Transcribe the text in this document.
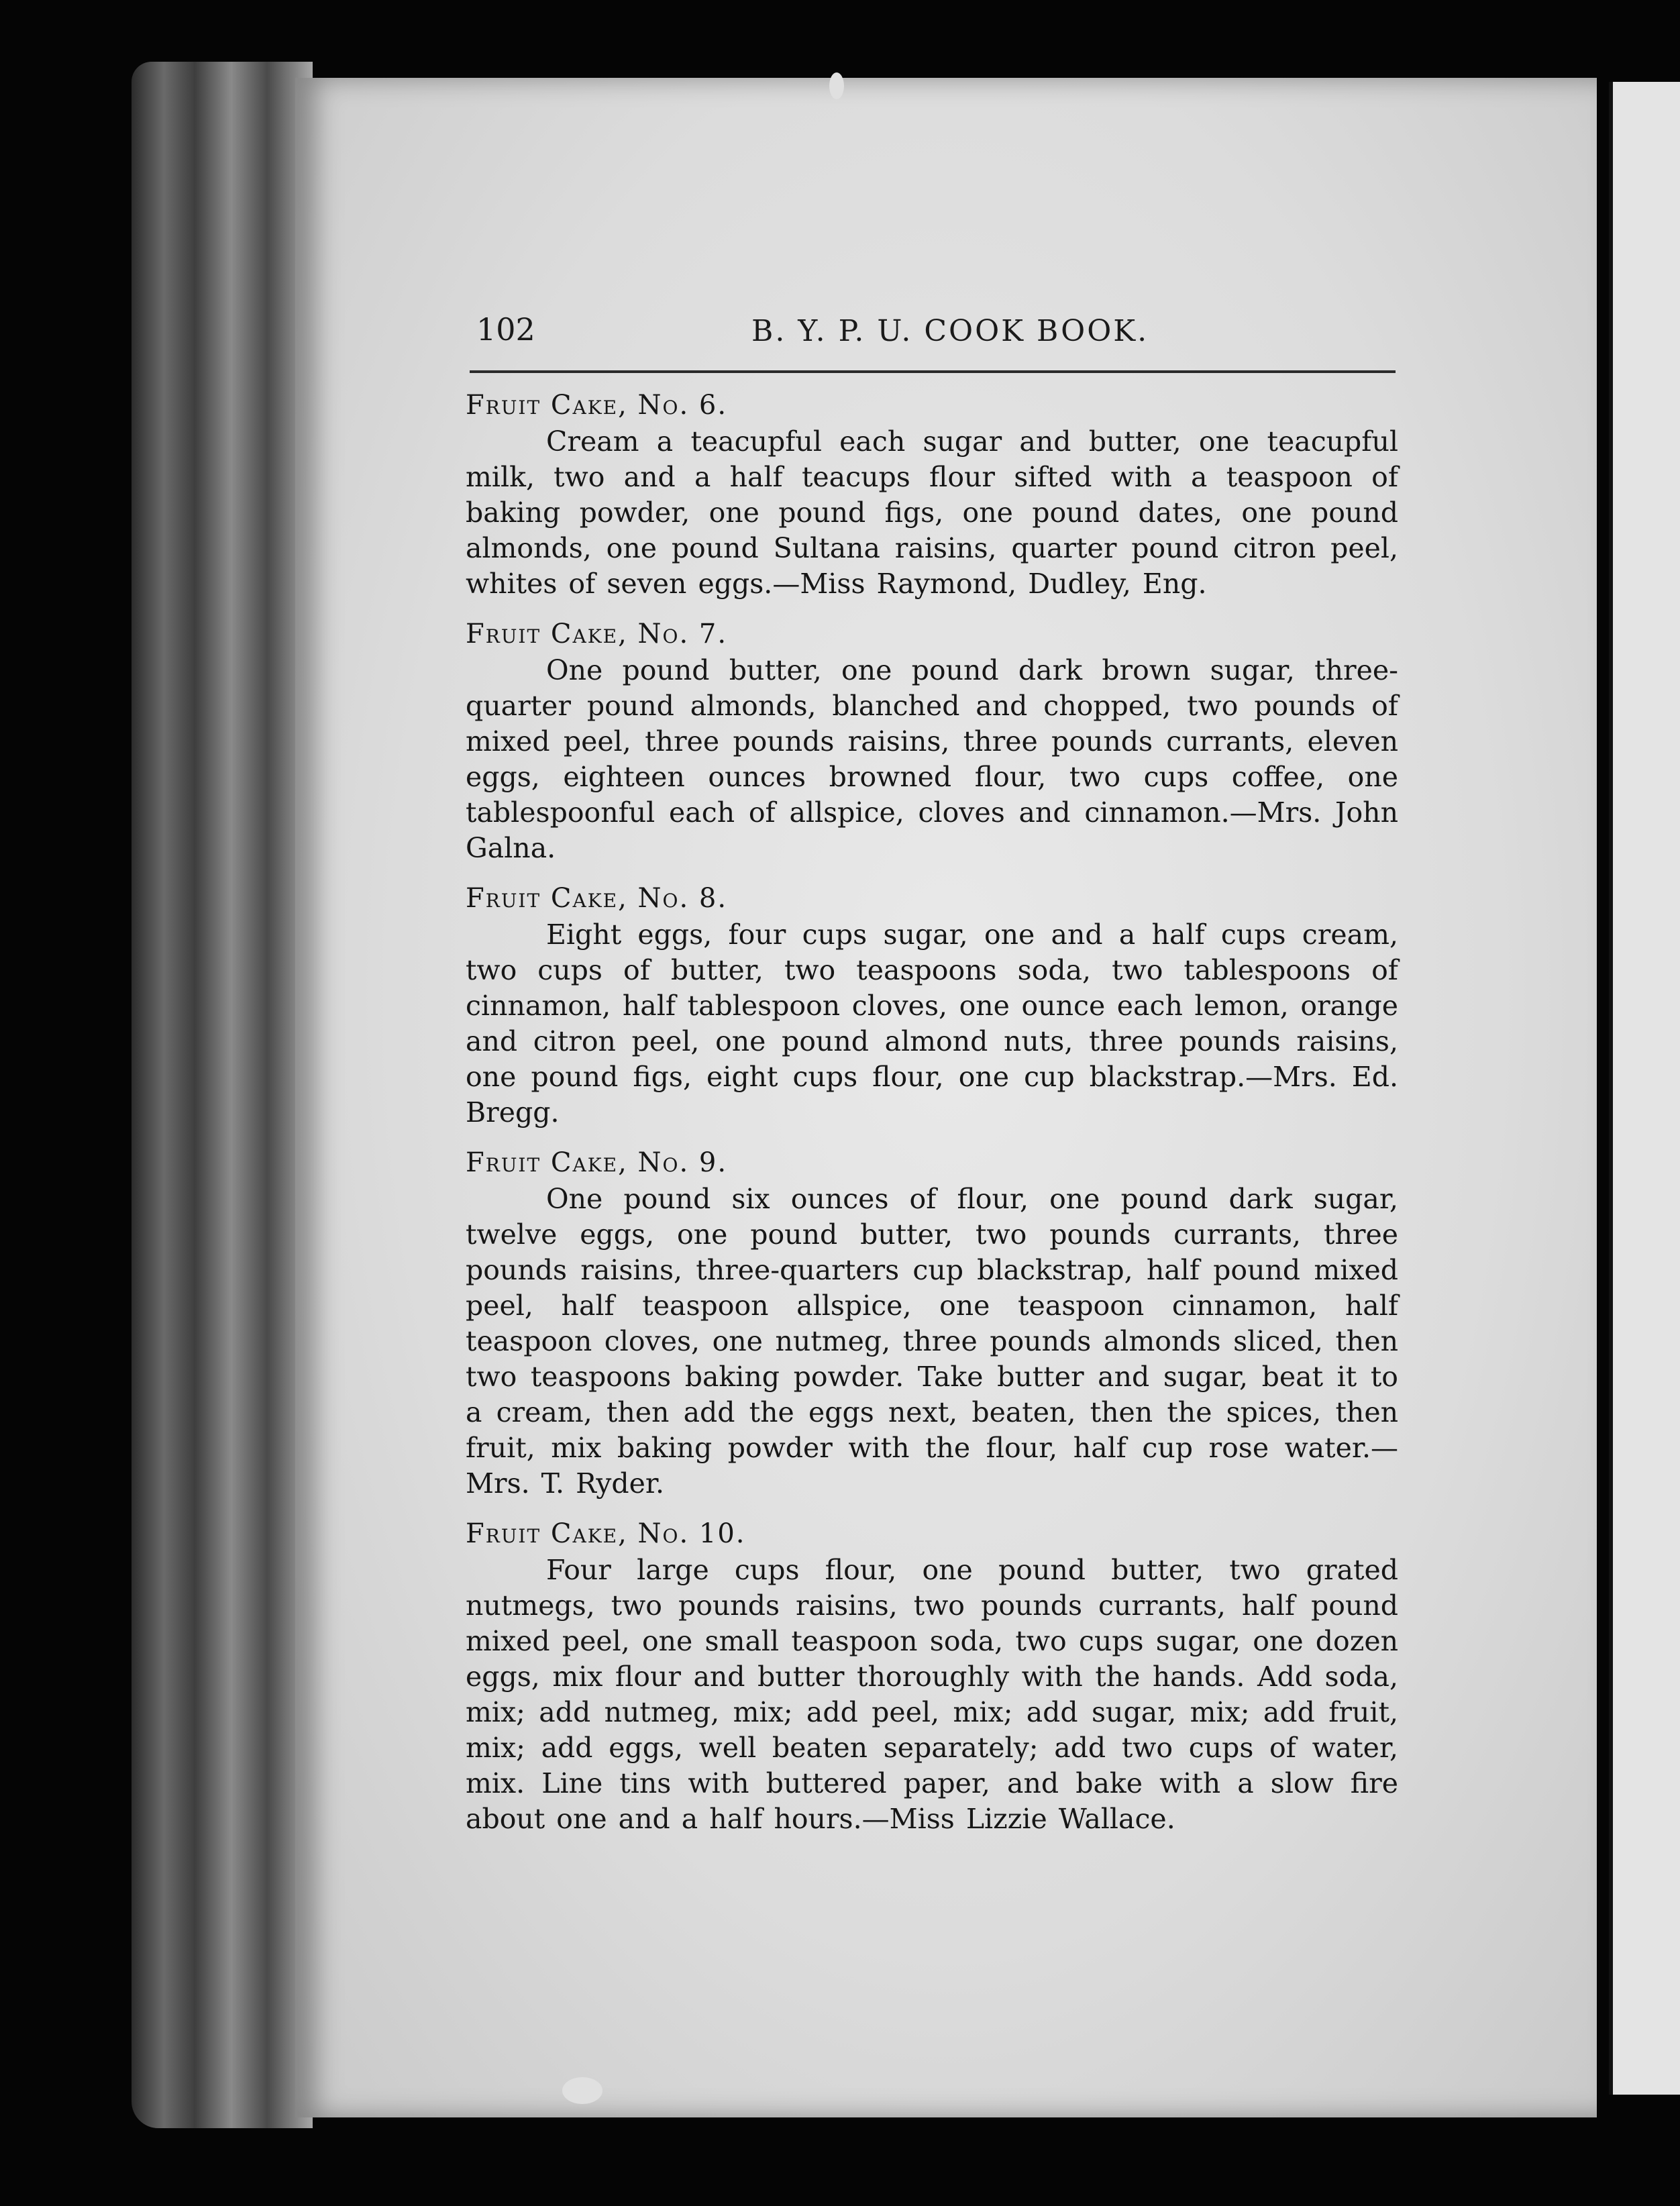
102	B. Y. P. U. COOK BOOK.

Fruit Cake, No. 6.

Cream a teacupful each sugar and butter, one teacupful milk, two and a half teacups flour sifted with a teaspoon of baking powder, one pound figs, one pound dates, one pound almonds, one pound Sultana raisins, quarter pound citron peel, whites of seven eggs.—Miss Raymond, Dudley, Eng.

Fruit Cake, No. 7.

One pound butter, one pound dark brown sugar, three-quarter pound almonds, blanched and chopped, two pounds of mixed peel, three pounds raisins, three pounds currants, eleven eggs, eighteen ounces browned flour, two cups coffee, one tablespoonful each of allspice, cloves and cinnamon.—Mrs. John Galna.

Fruit Cake, No. 8.

Eight eggs, four cups sugar, one and a half cups cream, two cups of butter, two teaspoons soda, two tablespoons of cinnamon, half tablespoon cloves, one ounce each lemon, orange and citron peel, one pound almond nuts, three pounds raisins, one pound figs, eight cups flour, one cup blackstrap.—Mrs. Ed. Bregg.

Fruit Cake, No. 9.

One pound six ounces of flour, one pound dark sugar, twelve eggs, one pound butter, two pounds currants, three pounds raisins, three-quarters cup blackstrap, half pound mixed peel, half teaspoon allspice, one teaspoon cinnamon, half teaspoon cloves, one nutmeg, three pounds almonds sliced, then two teaspoons baking powder. Take butter and sugar, beat it to a cream, then add the eggs next, beaten, then the spices, then fruit, mix baking powder with the flour, half cup rose water.—Mrs. T. Ryder.

Fruit Cake, No. 10.

Four large cups flour, one pound butter, two grated nutmegs, two pounds raisins, two pounds currants, half pound mixed peel, one small teaspoon soda, two cups sugar, one dozen eggs, mix flour and butter thoroughly with the hands. Add soda, mix; add nutmeg, mix; add peel, mix; add sugar, mix; add fruit, mix; add eggs, well beaten separately; add two cups of water, mix. Line tins with buttered paper, and bake with a slow fire about one and a half hours.—Miss Lizzie Wallace.
